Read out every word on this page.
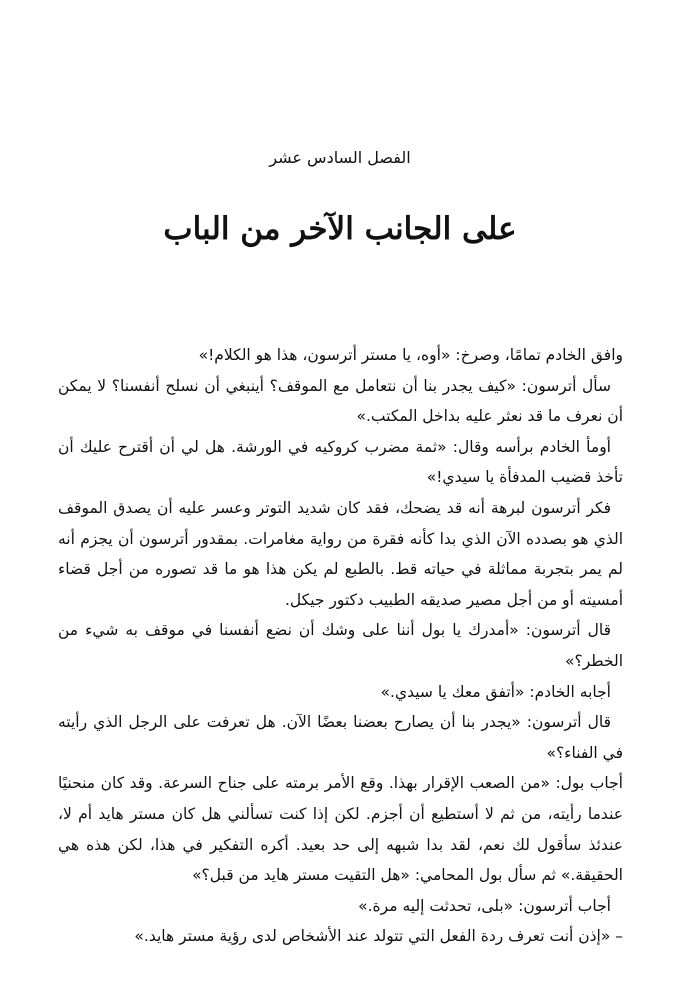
الفصل السادس عشر
على الجانب الآخر من الباب

وافق الخادم تمامًا، وصرخ: «أوه، يا مستر أترسون، هذا هو الكلام!»

سأل أترسون: «كيف يجدر بنا أن نتعامل مع الموقف؟ أينبغي أن نسلح أنفسنا؟ لا يمكن أن نعرف ما قد نعثر عليه بداخل المكتب.»

أومأ الخادم برأسه وقال: «ثمة مضرب كروكيه في الورشة. هل لي أن أقترح عليك أن تأخذ قضيب المدفأة يا سيدي!»

فكر أترسون لبرهة أنه قد يضحك، فقد كان شديد التوتر وعسر عليه أن يصدق الموقف الذي هو بصدده الآن الذي بدا كأنه فقرة من رواية مغامرات. بمقدور أترسون أن يجزم أنه لم يمر بتجربة مماثلة في حياته قط. بالطبع لم يكن هذا هو ما قد تصوره من أجل قضاء أمسيته أو من أجل مصير صديقه الطبيب دكتور جيكل.

قال أترسون: «أمدرك يا بول أننا على وشك أن نضع أنفسنا في موقف به شيء من الخطر؟»

أجابه الخادم: «أتفق معك يا سيدي.»

قال أترسون: «يجدر بنا أن يصارح بعضنا بعضًا الآن. هل تعرفت على الرجل الذي رأيته في الفناء؟»

أجاب بول: «من الصعب الإقرار بهذا. وقع الأمر برمته على جناح السرعة. وقد كان منحنيًا عندما رأيته، من ثم لا أستطيع أن أجزم. لكن إذا كنت تسألني هل كان مستر هايد أم لا، عندئذ سأقول لك نعم، لقد بدا شبهه إلى حد بعيد. أكره التفكير في هذا، لكن هذه هي الحقيقة.» ثم سأل بول المحامي: «هل التقيت مستر هايد من قبل؟»

أجاب أترسون: «بلى، تحدثت إليه مرة.»

– «إذن أنت تعرف ردة الفعل التي تتولد عند الأشخاص لدى رؤية مستر هايد.»
